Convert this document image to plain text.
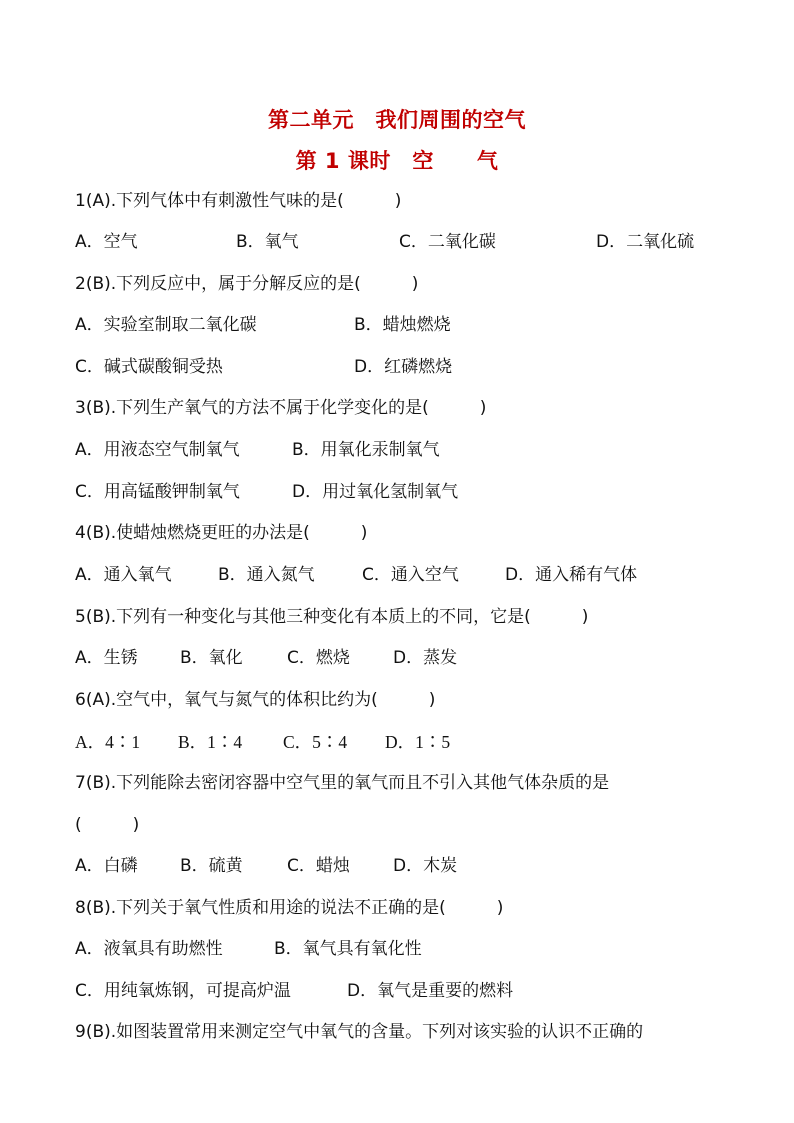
第二单元　我们周围的空气
第 1 课时　空　　气
1(A).下列气体中有刺激性气味的是(　　　)
A．空气	B．氧气	C．二氧化碳	D．二氧化硫
2(B).下列反应中，属于分解反应的是(　　　)
A．实验室制取二氧化碳	B．蜡烛燃烧
C．碱式碳酸铜受热	D．红磷燃烧
3(B).下列生产氧气的方法不属于化学变化的是(　　　)
A．用液态空气制氧气	B．用氧化汞制氧气
C．用高锰酸钾制氧气	D．用过氧化氢制氧气
4(B).使蜡烛燃烧更旺的办法是(　　　)
A．通入氧气	B．通入氮气	C．通入空气	D．通入稀有气体
5(B).下列有一种变化与其他三种变化有本质上的不同，它是(　　　)
A．生锈 B．氧化	C．燃烧	D．蒸发
6(A).空气中，氧气与氮气的体积比约为(　　　)
A．4∶1 B．1∶4 C．5∶4 D．1∶5
7(B).下列能除去密闭容器中空气里的氧气而且不引入其他气体杂质的是
(　　　)
A．白磷 B．硫黄	C．蜡烛	D．木炭
8(B).下列关于氧气性质和用途的说法不正确的是(　　　)
A．液氧具有助燃性	B．氧气具有氧化性
C．用纯氧炼钢，可提高炉温	D．氧气是重要的燃料
9(B).如图装置常用来测定空气中氧气的含量。下列对该实验的认识不正确的
